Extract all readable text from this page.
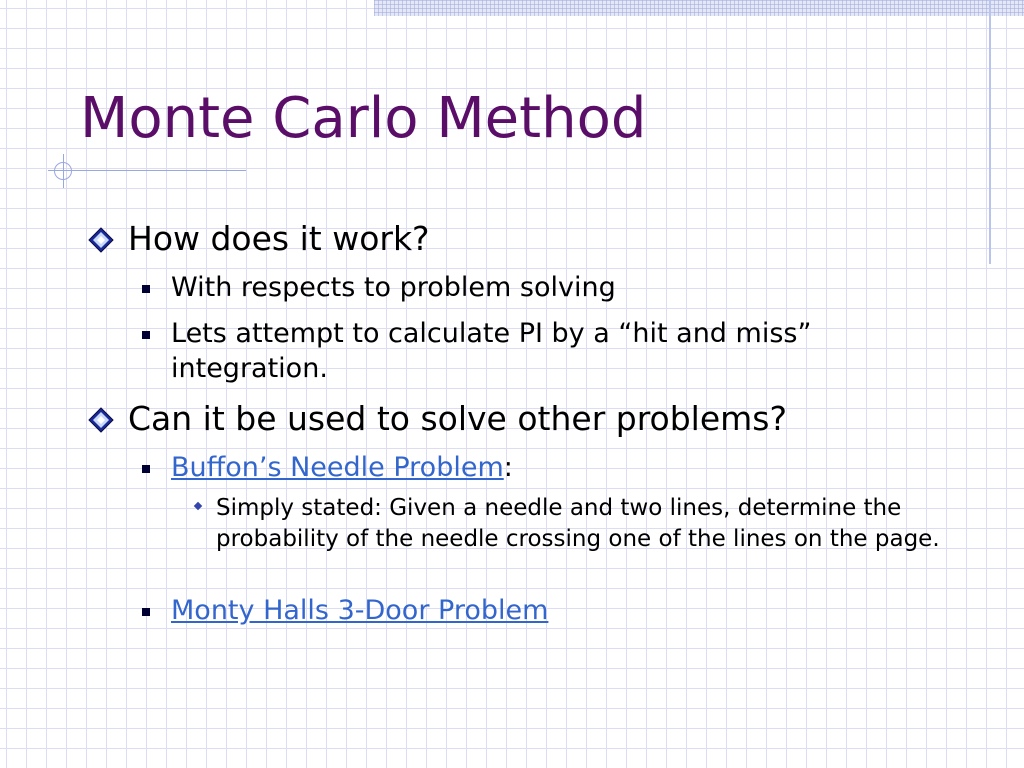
Monte Carlo Method
How does it work?
With respects to problem solving
Lets attempt to calculate PI by a “hit and miss” integration.
Can it be used to solve other problems?
Buffon’s Needle Problem:
Simply stated: Given a needle and two lines, determine the probability of the needle crossing one of the lines on the page.
Monty Halls 3-Door Problem
